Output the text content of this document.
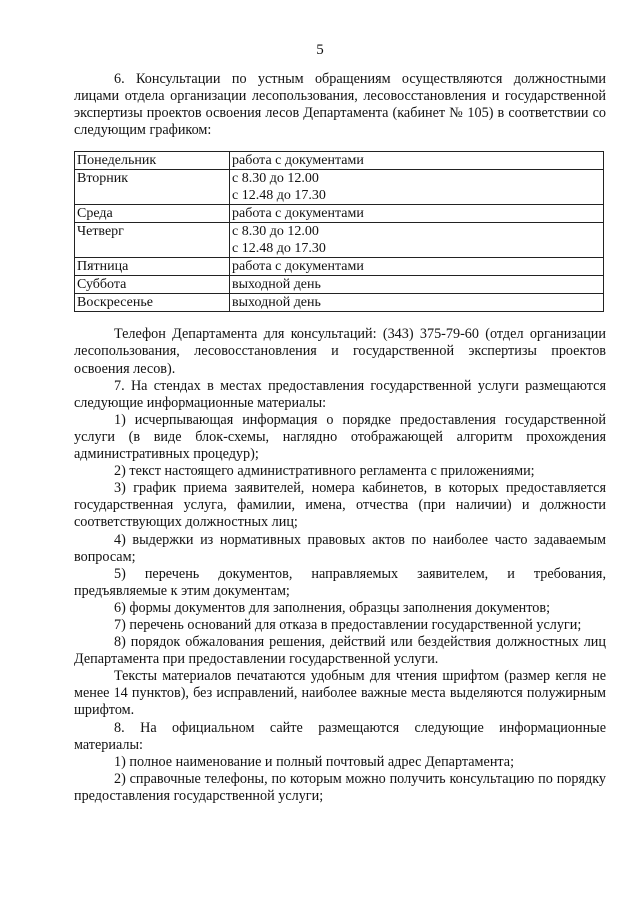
5

6. Консультации по устным обращениям осуществляются должностными лицами отдела организации лесопользования, лесовосстановления и государственной экспертизы проектов освоения лесов Департамента (кабинет № 105) в соответствии со следующим графиком:

Понедельник	работа с документами

Вторник	с 8.30 до 12.00
с 12.48 до 17.30

Среда	работа с документами

Четверг	с 8.30 до 12.00
с 12.48 до 17.30

Пятница	работа с документами

Суббота	выходной день

Воскресенье	выходной день

Телефон Департамента для консультаций: (343) 375-79-60 (отдел организации лесопользования, лесовосстановления и государственной экспертизы проектов освоения лесов).

7. На стендах в местах предоставления государственной услуги размещаются следующие информационные материалы:

1) исчерпывающая информация о порядке предоставления государственной услуги (в виде блок-схемы, наглядно отображающей алгоритм прохождения административных процедур);

2) текст настоящего административного регламента с приложениями;

3) график приема заявителей, номера кабинетов, в которых предоставляется государственная услуга, фамилии, имена, отчества (при наличии) и должности соответствующих должностных лиц;

4) выдержки из нормативных правовых актов по наиболее часто задаваемым вопросам;

5) перечень документов, направляемых заявителем, и требования, предъявляемые к этим документам;

6) формы документов для заполнения, образцы заполнения документов;

7) перечень оснований для отказа в предоставлении государственной услуги;

8) порядок обжалования решения, действий или бездействия должностных лиц Департамента при предоставлении государственной услуги.

Тексты материалов печатаются удобным для чтения шрифтом (размер кегля не менее 14 пунктов), без исправлений, наиболее важные места выделяются полужирным шрифтом.

8. На официальном сайте размещаются следующие информационные материалы:

1) полное наименование и полный почтовый адрес Департамента;

2) справочные телефоны, по которым можно получить консультацию по порядку предоставления государственной услуги;
